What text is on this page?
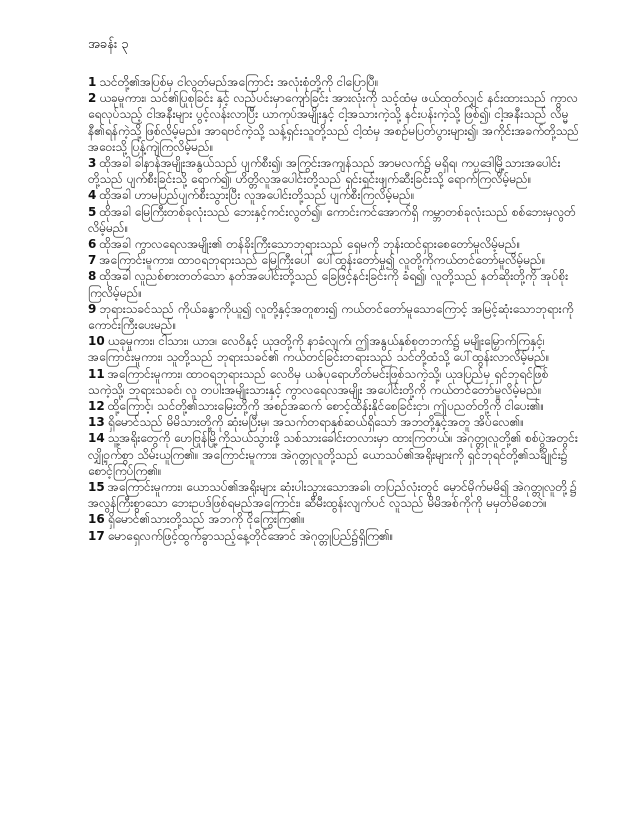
အခန်း ၃

1 သင်တို့၏အပြစ်မှ ငါလွတ်မည်အကြောင်း အလုံးစုံတို့ကို ငါပြောပြီ။

2 ယခုမူကား၊ သင်၏ပြုစုခြင်း နှင့် လည်ပင်းမှာကျော်ခြင်း အားလုံးကို သင့်ထံမှ ဖယ်ထုတ်လျှင် နင်းထားသည် ကွာလရေလုပ်သည့် ငါအနီးများ ပွင့်လန်းလာပြီး ယာကုပ်အမျိုးနှင့် ငါ့အသားကဲ့သို့ နင်းပန်းကဲ့သို့ ဖြစ်၍၊ ငါ့အနီးသည် လိမ္မနီ၏ရန်ကဲ့သို့ ဖြစ်လိမ့်မည်။ အာရဗင်ကဲ့သို့ သန့်ရှင်းသူတို့သည် ငါ့ထံမှ အစဉ်မပြတ်ပွားများ၍၊ အကိုင်းအခက်တို့သည် အဝေးသို့ ပြန့်ကျဲကြလိမ့်မည်။

3 ထိုအခါ ခါနာန်အမျိုးအနွယ်သည် ပျက်စီး၍၊ အကြွင်းအကျန်သည် အာမလက်၌ မရှိရ၊ ကပ္ပဒေါမြို့သားအပေါင်းတို့သည် ပျက်စီးခြင်းသို့ ရောက်၍၊ ဟိတ္တိလူအပေါင်းတို့သည် ရှင်းရှင်းဖျက်ဆီးခြင်းသို့ ရောက်ကြလိမ့်မည်။

4 ထိုအခါ ဟာမပြည်ပျက်စီးသွားပြီး လူအပေါင်းတို့သည် ပျက်စီးကြလိမ့်မည်။

5 ထိုအခါ မြေကြီးတစ်ခုလုံးသည် ဘေးနှင့်ကင်းလွတ်၍၊ ကောင်းကင်အောက်ရှိ ကမ္ဘာတစ်ခုလုံးသည် စစ်ဘေးမှလွတ်လိမ့်မည်။

6 ထိုအခါ ကွာလရေလအမျိုး၏ တန်ခိုးကြီးသောဘုရားသည် ရှေမကို ဘုန်းထင်ရှားစေတော်မူလိမ့်မည်။

7 အကြောင်းမူကား၊ ထာဝရဘုရားသည် မြေကြီးပေါ် ပေါ်ထွန်းတော်မူ၍ လူတို့ကိုကယ်တင်တော်မူလိမ့်မည်။

8 ထိုအခါ လူညစ်စားတတ်သော နတ်အပေါင်းတို့သည် ခြေဖြင့်နင်းခြင်းကို ခံရ၍၊ လူတို့သည် နတ်ဆိုးတို့ကို အုပ်စိုးကြလိမ့်မည်။

9 ဘုရားသခင်သည် ကိုယ်ခန္ဓာကိုယူ၍ လူတို့နှင့်အတူစား၍ ကယ်တင်တော်မူသောကြောင့် အမြင့်ဆုံးသောဘုရားကို ကောင်းကြီးပေးမည်။

10 ယခုမူကား၊ ငါသား၊ ယာဒ၊ လေဝိနှင့် ယုဒတို့ကို နာခံလျက်၊ ဤအနွယ်နှစ်စုတဘက်၌ မမျိုးမြှောက်ကြနှင့်၊ အကြောင်းမူကား၊ သူတို့သည် ဘုရားသခင်၏ ကယ်တင်ခြင်းတရားသည် သင်တို့ထံသို့ ပေါ်ထွန်းလာလိမ့်မည်။

11 အကြောင်းမူကား၊ ထာဝရဘုရားသည် လေဝိမှ ယဇ်ပုရောဟိတ်မင်းဖြစ်သကဲ့သို့၊ ယုဒပြည်မှ ရှင်ဘုရင်ဖြစ်သကဲ့သို့၊ ဘုရားသခင်၊ လူ တပါးအမျိုးသားနှင့် ကွာလရေလအမျိုး အပေါင်းတို့ကို ကယ်တင်တော်မူလိမ့်မည်။

12 ထို့ကြောင့်၊ သင်တို့၏သားမြေးတို့ကို အစဉ်အဆက် စောင့်ထိန်းနိုင်စေခြင်းငှာ၊ ဤပညတ်တို့ကို ငါပေး၏။

13 ရှိမောင်သည် မိမိသားတို့ကို ဆုံးမပြီးမှ၊ အသက်တရာနှစ်ဆယ်ရှိသော် အဘတို့နှင့်အတူ အိပ်လေ၏။

14 သူ့အရိုးတွေကို ဟေဗြုန်မြို့ကိုသယ်သွားဖို့ သစ်သားခေါင်းတလားမှာ ထားကြတယ်။ အဲဂုတ္တုလူတို့၏ စစ်ပွဲအတွင်း လျှို့ဝှက်စွာ သိမ်းယူကြ၏။ အကြောင်းမူကား၊ အဲဂုတ္တုလူတို့သည် ယောသပ်၏အရိုးများကို ရှင်ဘုရင်တို့၏သင်္ချိုင်း၌ စောင့်ကြပ်ကြ၏။

15 အကြောင်းမူကား၊ ယောသပ်၏အရိုးများ ဆုံးပါးသွားသောအခါ၊ တပြည်လုံးတွင် မှောင်မိုက်မမိ၍ အဲဂုတ္တုလူတို့၌ အလွန်ကြီးစွာသော ဘေးဥပဒ်ဖြစ်ရမည်အကြောင်း၊ ဆီမီးထွန်းလျက်ပင် လူသည် မိမိအစ်ကိုကို မမှတ်မိစေဘဲ။

16 ရှိမောင်၏သားတို့သည် အဘကို ငိုကြွေးကြ၏။

17 မောရှေလက်ဖြင့်ထွက်ခွာသည့်နေ့တိုင်အောင် အဲဂုတ္တုပြည်၌ရှိကြ၏။
